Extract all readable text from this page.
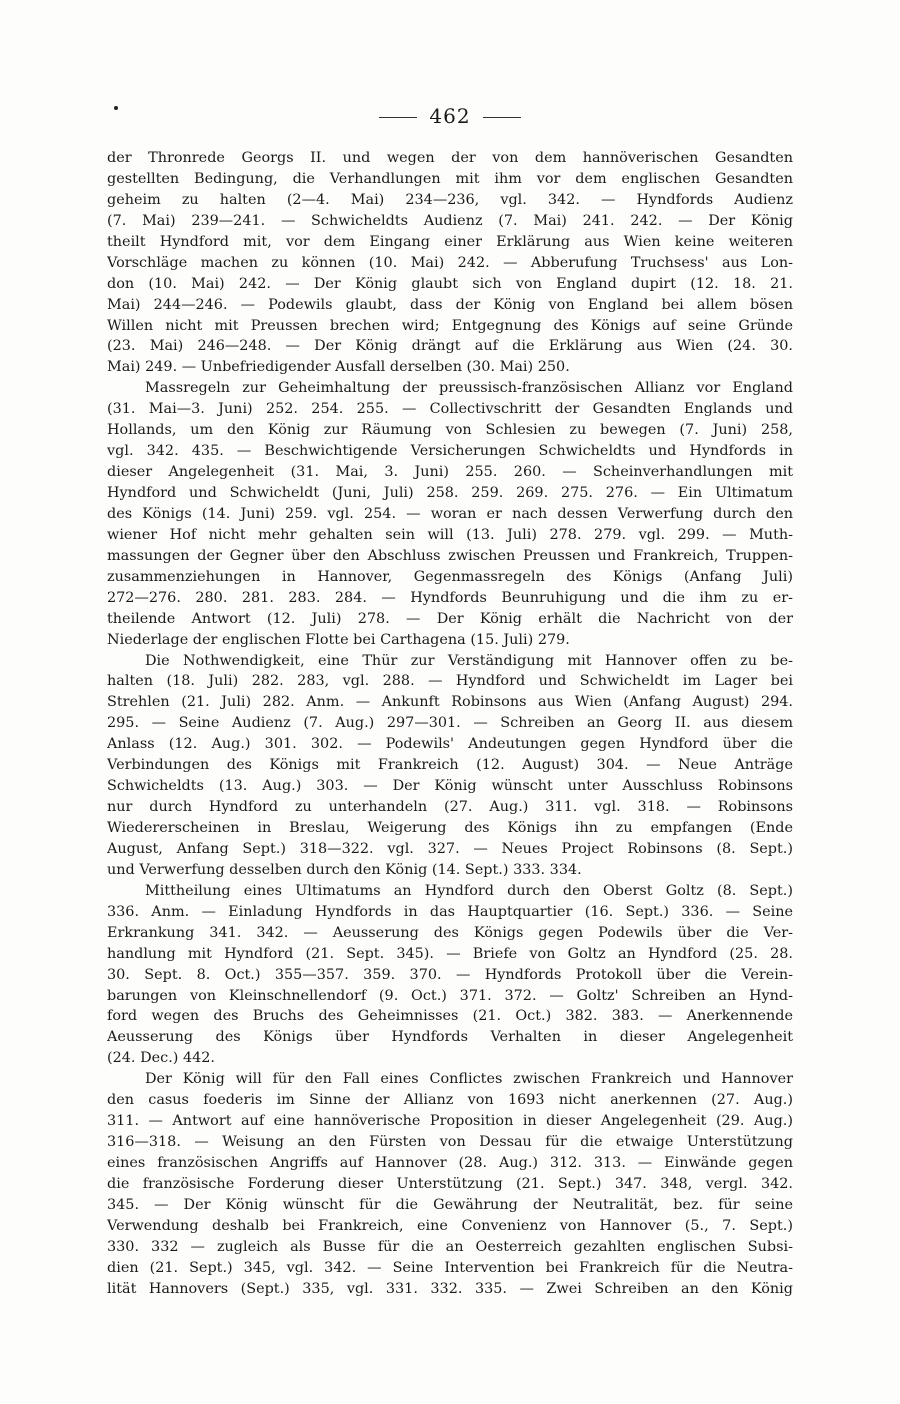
462
der Thronrede Georgs II. und wegen der von dem hannöverischen Gesandten
gestellten Bedingung, die Verhandlungen mit ihm vor dem englischen Gesandten
geheim zu halten (2—4. Mai) 234—236, vgl. 342. — Hyndfords Audienz
(7. Mai) 239—241. — Schwicheldts Audienz (7. Mai) 241. 242. — Der König
theilt Hyndford mit, vor dem Eingang einer Erklärung aus Wien keine weiteren
Vorschläge machen zu können (10. Mai) 242. — Abberufung Truchsess' aus Lon-
don (10. Mai) 242. — Der König glaubt sich von England dupirt (12. 18. 21.
Mai) 244—246. — Podewils glaubt, dass der König von England bei allem bösen
Willen nicht mit Preussen brechen wird; Entgegnung des Königs auf seine Gründe
(23. Mai) 246—248. — Der König drängt auf die Erklärung aus Wien (24. 30.
Mai) 249. — Unbefriedigender Ausfall derselben (30. Mai) 250.
Massregeln zur Geheimhaltung der preussisch-französischen Allianz vor England
(31. Mai—3. Juni) 252. 254. 255. — Collectivschritt der Gesandten Englands und
Hollands, um den König zur Räumung von Schlesien zu bewegen (7. Juni) 258,
vgl. 342. 435. — Beschwichtigende Versicherungen Schwicheldts und Hyndfords in
dieser Angelegenheit (31. Mai, 3. Juni) 255. 260. — Scheinverhandlungen mit
Hyndford und Schwicheldt (Juni, Juli) 258. 259. 269. 275. 276. — Ein Ultimatum
des Königs (14. Juni) 259. vgl. 254. — woran er nach dessen Verwerfung durch den
wiener Hof nicht mehr gehalten sein will (13. Juli) 278. 279. vgl. 299. — Muth-
massungen der Gegner über den Abschluss zwischen Preussen und Frankreich, Truppen-
zusammenziehungen in Hannover, Gegenmassregeln des Königs (Anfang Juli)
272—276. 280. 281. 283. 284. — Hyndfords Beunruhigung und die ihm zu er-
theilende Antwort (12. Juli) 278. — Der König erhält die Nachricht von der
Niederlage der englischen Flotte bei Carthagena (15. Juli) 279.
Die Nothwendigkeit, eine Thür zur Verständigung mit Hannover offen zu be-
halten (18. Juli) 282. 283, vgl. 288. — Hyndford und Schwicheldt im Lager bei
Strehlen (21. Juli) 282. Anm. — Ankunft Robinsons aus Wien (Anfang August) 294.
295. — Seine Audienz (7. Aug.) 297—301. — Schreiben an Georg II. aus diesem
Anlass (12. Aug.) 301. 302. — Podewils' Andeutungen gegen Hyndford über die
Verbindungen des Königs mit Frankreich (12. August) 304. — Neue Anträge
Schwicheldts (13. Aug.) 303. — Der König wünscht unter Ausschluss Robinsons
nur durch Hyndford zu unterhandeln (27. Aug.) 311. vgl. 318. — Robinsons
Wiedererscheinen in Breslau, Weigerung des Königs ihn zu empfangen (Ende
August, Anfang Sept.) 318—322. vgl. 327. — Neues Project Robinsons (8. Sept.)
und Verwerfung desselben durch den König (14. Sept.) 333. 334.
Mittheilung eines Ultimatums an Hyndford durch den Oberst Goltz (8. Sept.)
336. Anm. — Einladung Hyndfords in das Hauptquartier (16. Sept.) 336. — Seine
Erkrankung 341. 342. — Aeusserung des Königs gegen Podewils über die Ver-
handlung mit Hyndford (21. Sept. 345). — Briefe von Goltz an Hyndford (25. 28.
30. Sept. 8. Oct.) 355—357. 359. 370. — Hyndfords Protokoll über die Verein-
barungen von Kleinschnellendorf (9. Oct.) 371. 372. — Goltz' Schreiben an Hynd-
ford wegen des Bruchs des Geheimnisses (21. Oct.) 382. 383. — Anerkennende
Aeusserung des Königs über Hyndfords Verhalten in dieser Angelegenheit
(24. Dec.) 442.
Der König will für den Fall eines Conflictes zwischen Frankreich und Hannover
den casus foederis im Sinne der Allianz von 1693 nicht anerkennen (27. Aug.)
311. — Antwort auf eine hannöverische Proposition in dieser Angelegenheit (29. Aug.)
316—318. — Weisung an den Fürsten von Dessau für die etwaige Unterstützung
eines französischen Angriffs auf Hannover (28. Aug.) 312. 313. — Einwände gegen
die französische Forderung dieser Unterstützung (21. Sept.) 347. 348, vergl. 342.
345. — Der König wünscht für die Gewährung der Neutralität, bez. für seine
Verwendung deshalb bei Frankreich, eine Convenienz von Hannover (5., 7. Sept.)
330. 332 — zugleich als Busse für die an Oesterreich gezahlten englischen Subsi-
dien (21. Sept.) 345, vgl. 342. — Seine Intervention bei Frankreich für die Neutra-
lität Hannovers (Sept.) 335, vgl. 331. 332. 335. — Zwei Schreiben an den König
